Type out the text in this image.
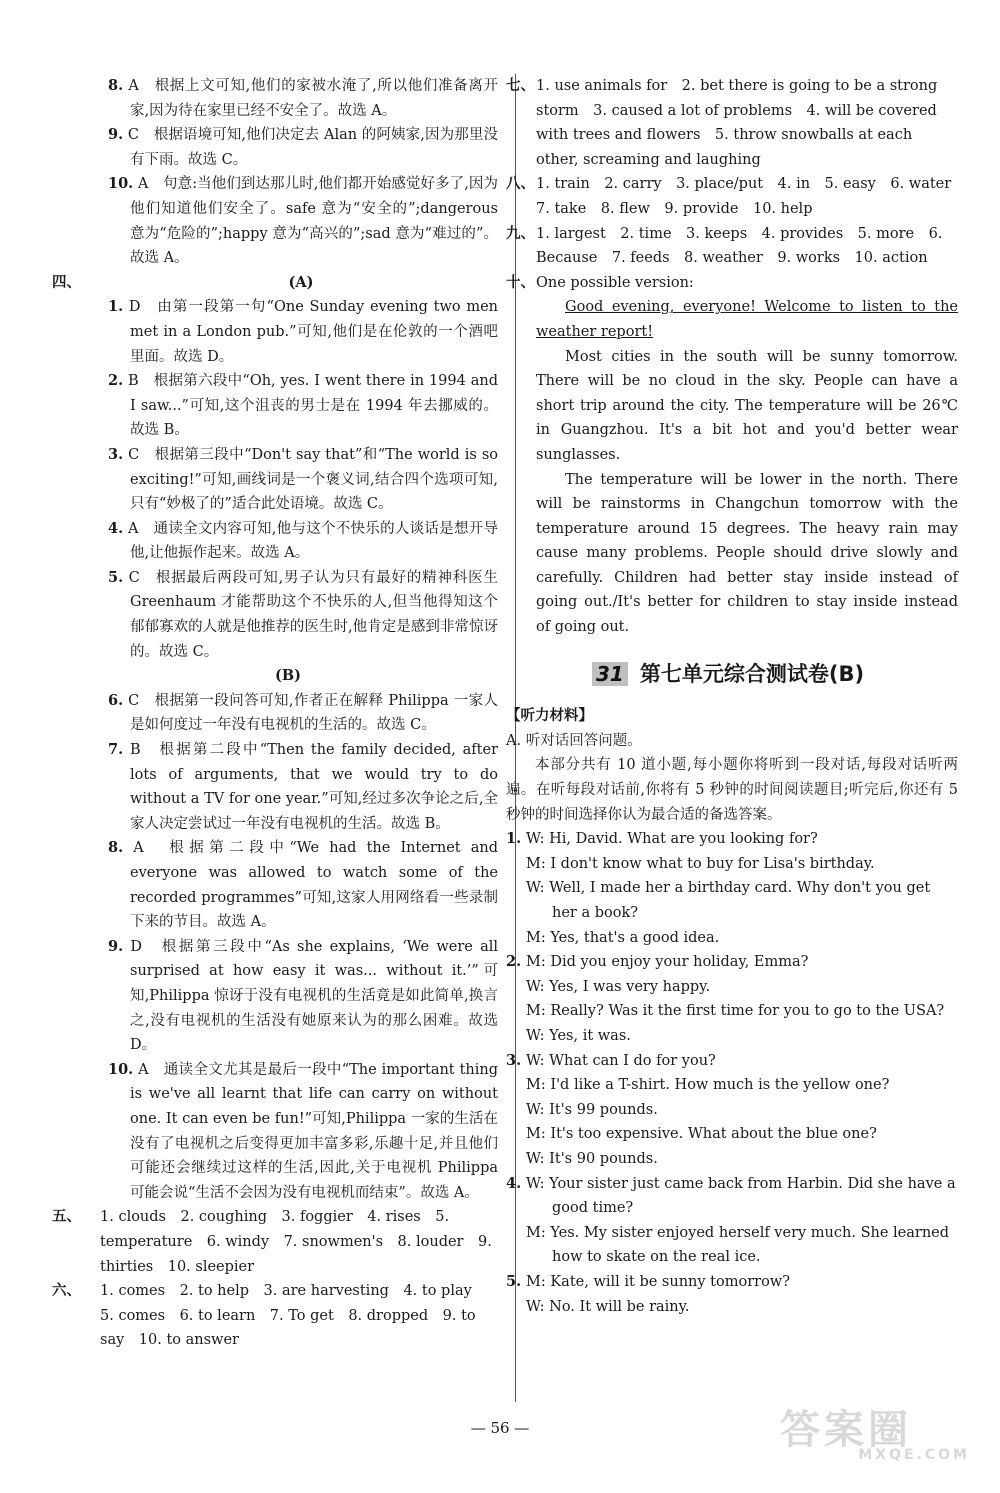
8. A　根据上文可知,他们的家被水淹了,所以他们准备离开家,因为待在家里已经不安全了。故选 A。

9. C　根据语境可知,他们决定去 Alan 的阿姨家,因为那里没有下雨。故选 C。

10. A　句意:当他们到达那儿时,他们都开始感觉好多了,因为他们知道他们安全了。safe 意为“安全的”;dangerous 意为“危险的”;happy 意为“高兴的”;sad 意为“难过的”。故选 A。

四、	(A)

1. D　由第一段第一句“One Sunday evening two men met in a London pub.”可知,他们是在伦敦的一个酒吧里面。故选 D。

2. B　根据第六段中“Oh, yes. I went there in 1994 and I saw...”可知,这个沮丧的男士是在 1994 年去挪威的。故选 B。

3. C　根据第三段中“Don't say that”和“The world is so exciting!”可知,画线词是一个褒义词,结合四个选项可知,只有“妙极了的”适合此处语境。故选 C。

4. A　通读全文内容可知,他与这个不快乐的人谈话是想开导他,让他振作起来。故选 A。

5. C　根据最后两段可知,男子认为只有最好的精神科医生 Greenhaum 才能帮助这个不快乐的人,但当他得知这个郁郁寡欢的人就是他推荐的医生时,他肯定是感到非常惊讶的。故选 C。

(B)

6. C　根据第一段问答可知,作者正在解释 Philippa 一家人是如何度过一年没有电视机的生活的。故选 C。

7. B　根据第二段中“Then the family decided, after lots of arguments, that we would try to do without a TV for one year.”可知,经过多次争论之后,全家人决定尝试过一年没有电视机的生活。故选 B。

8. A　根据第二段中“We had the Internet and everyone was allowed to watch some of the recorded programmes”可知,这家人用网络看一些录制下来的节目。故选 A。

9. D　根据第三段中“As she explains, ‘We were all surprised at how easy it was... without it.’”可知,Philippa 惊讶于没有电视机的生活竟是如此简单,换言之,没有电视机的生活没有她原来认为的那么困难。故选 D。

10. A　通读全文尤其是最后一段中“The important thing is we've all learnt that life can carry on without one. It can even be fun!”可知,Philippa 一家的生活在没有了电视机之后变得更加丰富多彩,乐趣十足,并且他们可能还会继续过这样的生活,因此,关于电视机 Philippa 可能会说“生活不会因为没有电视机而结束”。故选 A。

五、 1. clouds　2. coughing　3. foggier　4. rises　5. temperature　6. windy　7. snowmen's　8. louder　9. thirties　10. sleepier
六、 1. comes　2. to help　3. are harvesting　4. to play　5. comes　6. to learn　7. To get　8. dropped　9. to say　10. to answer
七、 1. use animals for　2. bet there is going to be a strong storm　3. caused a lot of problems　4. will be covered with trees and flowers　5. throw snowballs at each other, screaming and laughing
八、 1. train　2. carry　3. place/put　4. in　5. easy　6. water　7. take　8. flew　9. provide　10. help
九、 1. largest　2. time　3. keeps　4. provides　5. more　6. Because　7. feeds　8. weather　9. works　10. action
十、 One possible version:
Good evening, everyone! Welcome to listen to the weather report!

Most cities in the south will be sunny tomorrow. There will be no cloud in the sky. People can have a short trip around the city. The temperature will be 26℃ in Guangzhou. It's a bit hot and you'd better wear sunglasses.

The temperature will be lower in the north. There will be rainstorms in Changchun tomorrow with the temperature around 15 degrees. The heavy rain may cause many problems. People should drive slowly and carefully. Children had better stay inside instead of going out./It's better for children to stay inside instead of going out.

31 第七单元综合测试卷(B)
【听力材料】
A. 听对话回答问题。

本部分共有 10 道小题,每小题你将听到一段对话,每段对话听两遍。在听每段对话前,你将有 5 秒钟的时间阅读题目;听完后,你还有 5 秒钟的时间选择你认为最合适的备选答案。

1. W: Hi, David. What are you looking for?
M: I don't know what to buy for Lisa's birthday.
W: Well, I made her a birthday card. Why don't you get her a book?
M: Yes, that's a good idea.
2. M: Did you enjoy your holiday, Emma?
W: Yes, I was very happy.
M: Really? Was it the first time for you to go to the USA?
W: Yes, it was.
3. W: What can I do for you?
M: I'd like a T-shirt. How much is the yellow one?
W: It's 99 pounds.
M: It's too expensive. What about the blue one?
W: It's 90 pounds.
4. W: Your sister just came back from Harbin. Did she have a good time?
M: Yes. My sister enjoyed herself very much. She learned how to skate on the real ice.
5. M: Kate, will it be sunny tomorrow?
W: No. It will be rainy.
— 56 —	答案圈
MXQE.COM
